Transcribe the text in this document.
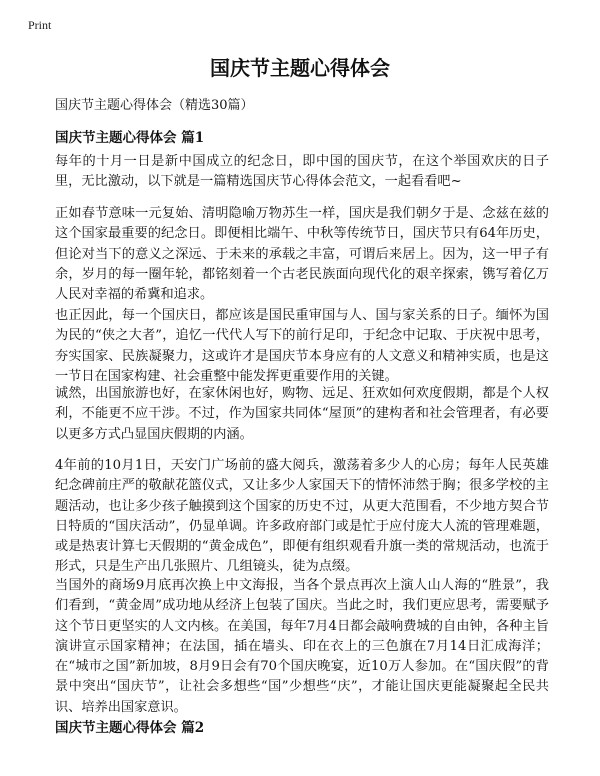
Print
国庆节主题心得体会
国庆节主题心得体会（精选30篇）
国庆节主题心得体会 篇1

每年的十月一日是新中国成立的纪念日，即中国的国庆节，在这个举国欢庆的日子里，无比激动，以下就是一篇精选国庆节心得体会范文，一起看看吧~

正如春节意味一元复始、清明隐喻万物苏生一样，国庆是我们朝夕于是、念兹在兹的这个国家最重要的纪念日。即便相比端午、中秋等传统节日，国庆节只有64年历史，但论对当下的意义之深远、于未来的承载之丰富，可谓后来居上。因为，这一甲子有余，岁月的每一圈年轮，都铭刻着一个古老民族面向现代化的艰辛探索，镌写着亿万人民对幸福的希冀和追求。

也正因此，每一个国庆日，都应该是国民重审国与人、国与家关系的日子。缅怀为国为民的“侠之大者”，追忆一代代人写下的前行足印，于纪念中记取、于庆祝中思考，夯实国家、民族凝聚力，这或许才是国庆节本身应有的人文意义和精神实质，也是这一节日在国家构建、社会重整中能发挥更重要作用的关键。

诚然，出国旅游也好，在家休闲也好，购物、远足、狂欢如何欢度假期，都是个人权利，不能更不应干涉。不过，作为国家共同体“屋顶”的建构者和社会管理者，有必要以更多方式凸显国庆假期的内涵。

4年前的10月1日，天安门广场前的盛大阅兵，激荡着多少人的心房；每年人民英雄纪念碑前庄严的敬献花篮仪式，又让多少人家国天下的情怀沛然于胸；很多学校的主题活动，也让多少孩子触摸到这个国家的历史不过，从更大范围看，不少地方契合节日特质的“国庆活动”，仍显单调。许多政府部门或是忙于应付庞大人流的管理难题，或是热衷计算七天假期的“黄金成色”，即便有组织观看升旗一类的常规活动，也流于形式，只是生产出几张照片、几组镜头，徒为点缀。

当国外的商场9月底再次换上中文海报，当各个景点再次上演人山人海的“胜景”，我们看到，“黄金周”成功地从经济上包装了国庆。当此之时，我们更应思考，需要赋予这个节日更坚实的人文内核。在美国，每年7月4日都会敲响费城的自由钟，各种主旨演讲宣示国家精神；在法国，插在墙头、印在衣上的三色旗在7月14日汇成海洋；在“城市之国”新加坡，8月9日会有70个国庆晚宴，近10万人参加。在“国庆假”的背景中突出“国庆节”，让社会多想些“国”少想些“庆”，才能让国庆更能凝聚起全民共识、培养出国家意识。

国庆节主题心得体会 篇2
